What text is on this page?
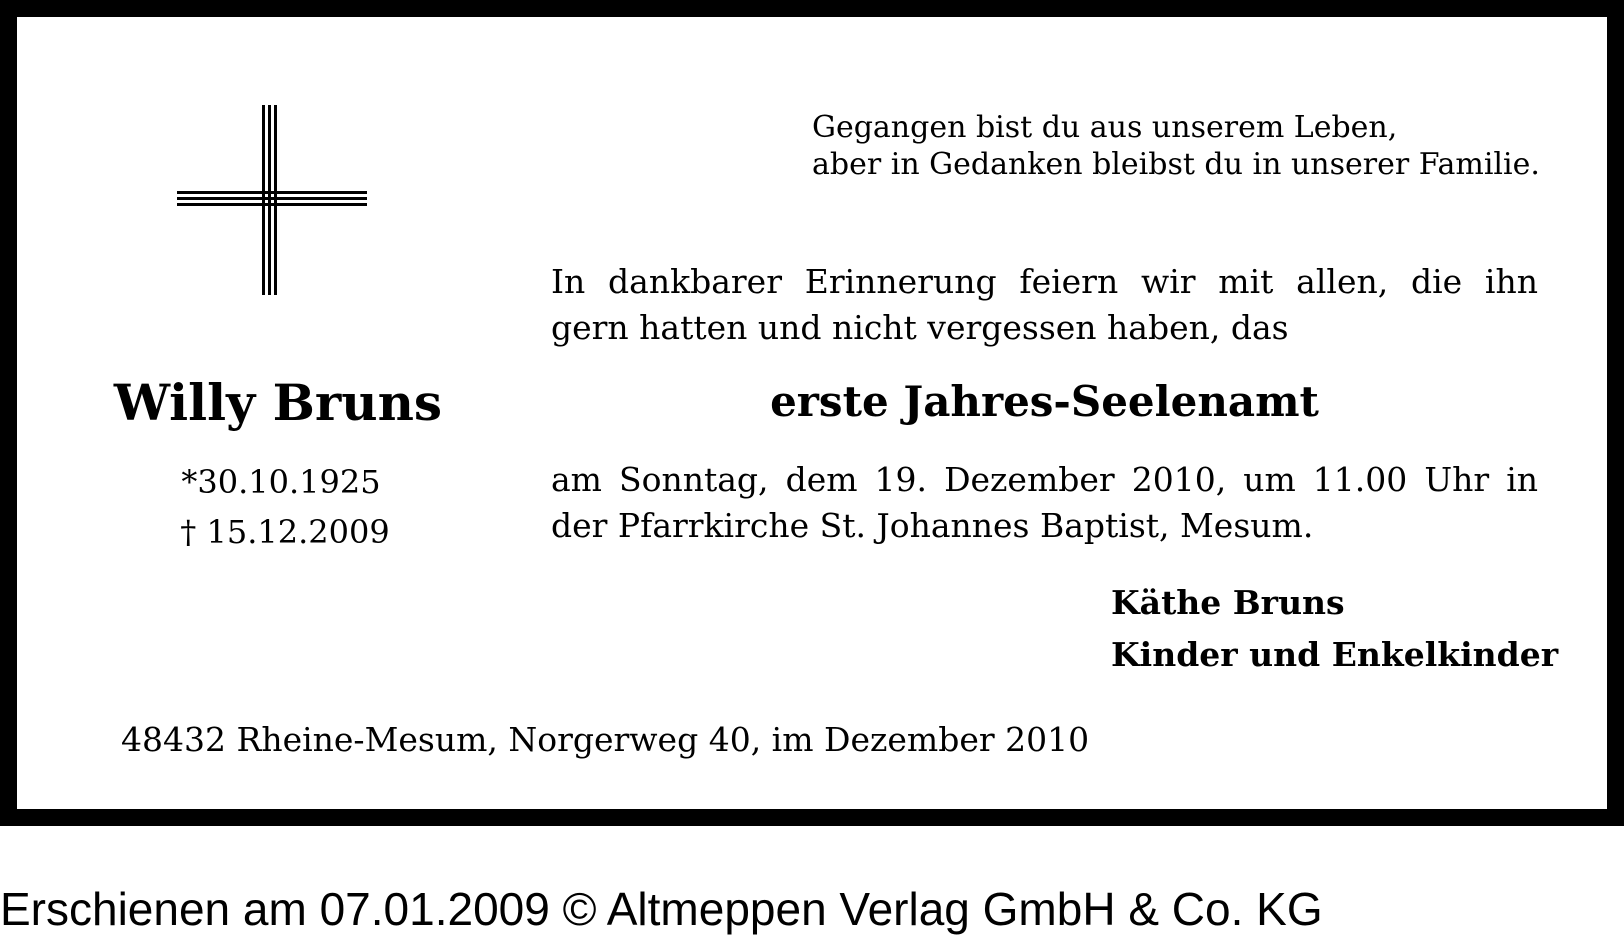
Gegangen bist du aus unserem Leben,
aber in Gedanken bleibst du in unserer Familie.
In dankbarer Erinnerung feiern wir mit allen, die ihn
gern hatten und nicht vergessen haben, das
Willy Bruns
*30.10.1925
† 15.12.2009
erste Jahres-Seelenamt
am Sonntag, dem 19. Dezember 2010, um 11.00 Uhr in
der Pfarrkirche St. Johannes Baptist, Mesum.
Käthe Bruns
Kinder und Enkelkinder
48432 Rheine-Mesum, Norgerweg 40, im Dezember 2010
Erschienen am 07.01.2009 © Altmeppen Verlag GmbH & Co. KG
